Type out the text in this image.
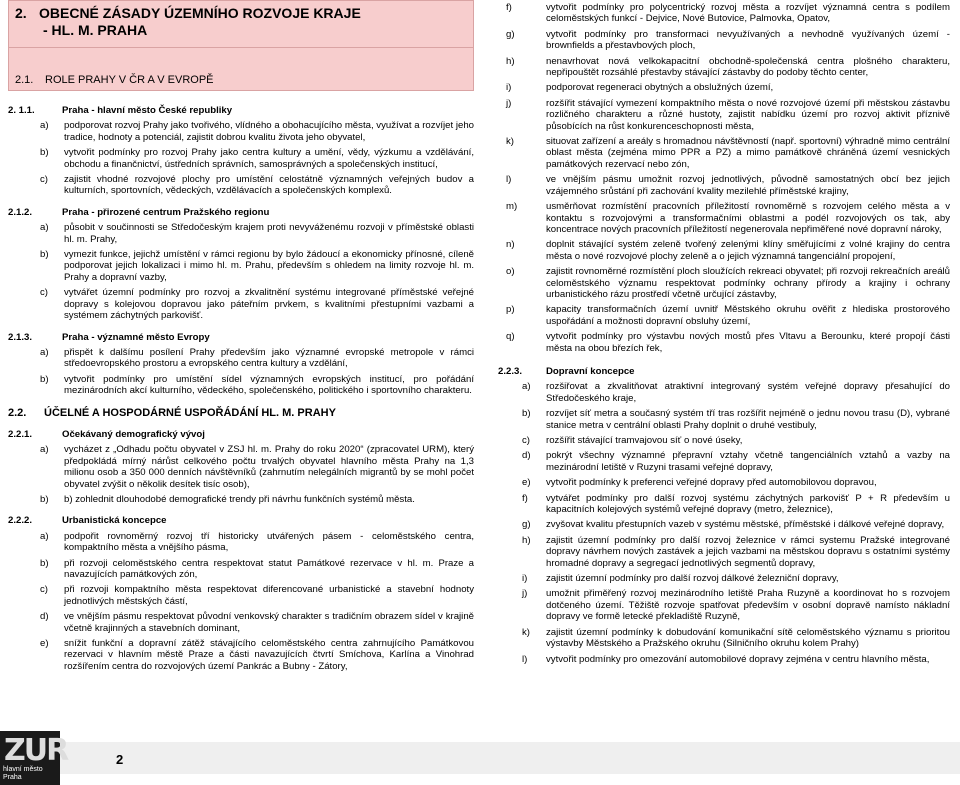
2. OBECNÉ ZÁSADY ÚZEMNÍHO ROZVOJE KRAJE
- HL. M. PRAHA
2.1.	ROLE PRAHY V ČR A V EVROPĚ
2. 1.1.	Praha - hlavní město České republiky
a) podporovat rozvoj Prahy jako tvořivého, vlídného a obohacujícího města, využívat a rozvíjet jeho tradice, hodnoty a potenciál, zajistit dobrou kvalitu života jeho obyvatel,
b) vytvořit podmínky pro rozvoj Prahy jako centra kultury a umění, vědy, výzkumu a vzdělávání, obchodu a finančnictví, ústředních správních, samosprávných a společenských institucí,
c) zajistit vhodné rozvojové plochy pro umístění celostátně významných veřejných budov a kulturních, sportovních, vědeckých, vzdělávacích a společenských komplexů.
2.1.2.	Praha - přirozené centrum Pražského regionu
a) působit v součinnosti se Středočeským krajem proti nevyváženému rozvoji v příměstské oblasti hl. m. Prahy,
b) vymezit funkce, jejichž umístění v rámci regionu by bylo žádoucí a ekonomicky přínosné, cíleně podporovat jejich lokalizaci i mimo hl. m. Prahu, především s ohledem na limity rozvoje hl. m. Prahy a dopravní vazby,
c) vytvářet územní podmínky pro rozvoj a zkvalitnění systému integrované příměstské veřejné dopravy s kolejovou dopravou jako páteřním prvkem, s kvalitními přestupními vazbami a systémem záchytných parkovišť.
2.1.3.	Praha - významné město Evropy
a) přispět k dalšímu posílení Prahy především jako významné evropské metropole v rámci středoevropského prostoru a evropského centra kultury a vzdělání,
b) vytvořit podmínky pro umístění sídel významných evropských institucí, pro pořádání mezinárodních akcí kulturního, vědeckého, společenského, politického i sportovního charakteru.
2.2.	ÚČELNÉ A HOSPODÁRNÉ USPOŘÁDÁNÍ HL. M. PRAHY
2.2.1.	Očekávaný demografický vývoj
a) vycházet z „Odhadu počtu obyvatel v ZSJ hl. m. Prahy do roku 2020“ (zpracovatel URM), který předpokládá mírný nárůst celkového počtu trvalých obyvatel hlavního města Prahy na 1,3 milionu osob a 350 000 denních návštěvníků (zahrnutím nelegálních migrantů by se mohl počet obyvatel zvýšit o několik desítek tisíc osob),
b) b) zohlednit dlouhodobé demografické trendy při návrhu funkčních systémů města.
2.2.2.	Urbanistická koncepce
a) podpořit rovnoměrný rozvoj tří historicky utvářených pásem - celoměstského centra, kompaktního města a vnějšího pásma,
b) při rozvoji celoměstského centra respektovat statut Památkové rezervace v hl. m. Praze a navazujících památkových zón,
c) při rozvoji kompaktního města respektovat diferencované urbanistické a stavební hodnoty jednotlivých městských částí,
d) ve vnějším pásmu respektovat původní venkovský charakter s tradičním obrazem sídel v krajině včetně krajinných a stavebních dominant,
e) snížit funkční a dopravní zátěž stávajícího celoměstského centra zahrnujícího Památkovou rezervaci v hlavním městě Praze a části navazujících čtvrtí Smíchova, Karlína a Vinohrad rozšířením centra do rozvojových území Pankrác a Bubny - Zátory,
f)	vytvořit podmínky pro polycentrický rozvoj města a rozvíjet významná centra s podílem celoměstských funkcí - Dejvice, Nové Butovice, Palmovka, Opatov,
g)	vytvořit podmínky pro transformaci nevyužívaných a nevhodně využívaných území - brownfields a přestavbových ploch,
h)	nenavrhovat nová velkokapacitní obchodně-společenská centra plošného charakteru, nepřipouštět rozsáhlé přestavby stávající zástavby do podoby těchto center,
i)	podporovat regeneraci obytných a obslužných území,
j)	rozšířit stávající vymezení kompaktního města o nové rozvojové území při městskou zástavbu rozličného charakteru a různé hustoty, zajistit nabídku území pro rozvoj aktivit příznivě působících na růst konkurenceschopnosti města,
k)	situovat zařízení a areály s hromadnou návštěvností (např. sportovní) výhradně mimo centrální oblast města (zejména mimo PPR a PZ) a mimo památkově chráněná území vesnických památkových rezervací nebo zón,
l)	ve vnějším pásmu umožnit rozvoj jednotlivých, původně samostatných obcí bez jejich vzájemného srůstání při zachování kvality mezilehlé příměstské krajiny,
m)	usměrňovat rozmístění pracovních příležitostí rovnoměrně s rozvojem celého města a v kontaktu s rozvojovými a transformačními oblastmi a podél rozvojových os tak, aby koncentrace nových pracovních příležitostí negenerovala nepřiměřené nové dopravní nároky,
n)	doplnit stávající systém zeleně tvořený zelenými klíny směřujícími z volné krajiny do centra města o nové rozvojové plochy zeleně a o jejich významná tangenciální propojení,
o)	zajistit rovnoměrné rozmístění ploch sloužících rekreaci obyvatel; při rozvoji rekreačních areálů celoměstského významu respektovat podmínky ochrany přírody a krajiny i ochrany urbanistického rázu prostředí včetně určující zástavby,
p)	kapacity transformačních území uvnitř Městského okruhu ověřit z hlediska prostorového uspořádání a možnosti dopravní obsluhy území,
q)	vytvořit podmínky pro výstavbu nových mostů přes Vltavu a Berounku, které propojí části města na obou březích řek,
2.2.3.	Dopravní koncepce
a) rozšiřovat a zkvalitňovat atraktivní integrovaný systém veřejné dopravy přesahující do Středočeského kraje,
b) rozvíjet síť metra a současný systém tří tras rozšířit nejméně o jednu novou trasu (D), vybrané stanice metra v centrální oblasti Prahy doplnit o druhé vestibuly,
c) rozšířit stávající tramvajovou síť o nové úseky,
d) pokrýt všechny významné přepravní vztahy včetně tangenciálních vztahů a vazby na mezinárodní letiště v Ruzyni trasami veřejné dopravy,
e) vytvořit podmínky k preferenci veřejné dopravy před automobilovou dopravou,
f) vytvářet podmínky pro další rozvoj systému záchytných parkovišť P + R především u kapacitních kolejových systémů veřejné dopravy (metro, železnice),
g) zvyšovat kvalitu přestupních vazeb v systému městské, příměstské i dálkové veřejné dopravy,
h) zajistit územní podmínky pro další rozvoj železnice v rámci systemu Pražské integrované dopravy návrhem nových zastávek a jejich vazbami na městskou dopravu s ostatními systémy hromadné dopravy a segregací jednotlivých segmentů dopravy,
i) zajistit územní podmínky pro další rozvoj dálkové železniční dopravy,
j) umožnit přiměřený rozvoj mezinárodního letiště Praha Ruzyně a koordinovat ho s rozvojem dotčeného území. Těžiště rozvoje spatřovat především v osobní dopravě namísto nákladní dopravy ve formě letecké překladiště Ruzyně,
k) zajistit územní podmínky k dobudování komunikační sítě celoměstského významu s prioritou výstavby Městského a Pražského okruhu (Silničního okruhu kolem Prahy)
l) vytvořit podmínky pro omezování automobilové dopravy zejména v centru hlavního města,
ZUR
hlavní město Praha
2
